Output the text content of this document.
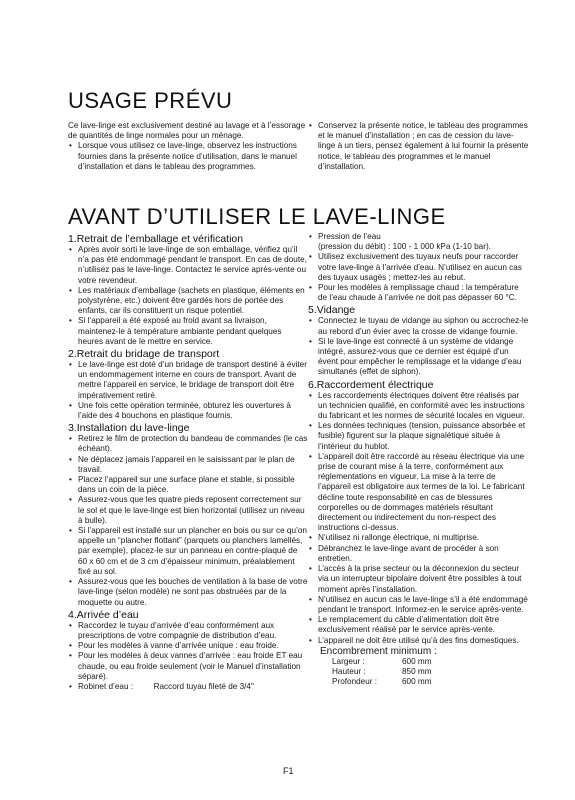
USAGE PRÉVU

Ce lave-linge est exclusivement destiné au lavage et à l’essorage de quantités de linge normales pour un ménage.

• Lorsque vous utilisez ce lave-linge, observez les instructions fournies dans la présente notice d’utilisation, dans le manuel d’installation et dans le tableau des programmes.
• Conservez la présente notice, le tableau des programmes et le manuel d’installation ; en cas de cession du lave-linge à un tiers, pensez également à lui fournir la présente notice, le tableau des programmes et le manuel d’installation.
AVANT D’UTILISER LE LAVE-LINGE
1.Retrait de l’emballage et vérification
• Après avoir sorti le lave-linge de son emballage, vérifiez qu’il n’a pas été endommagé pendant le transport. En cas de doute, n’utilisez pas le lave-linge. Contactez le service après-vente ou votre revendeur.
• Les matériaux d’emballage (sachets en plastique, éléments en polystyrène, etc.) doivent être gardés hors de portée des enfants, car ils constituent un risque potentiel.
• Si l’appareil a été exposé au froid avant sa livraison, maintenez-le à température ambiante pendant quelques heures avant de le mettre en service.
2.Retrait du bridage de transport
• Le lave-linge est doté d’un bridage de transport destiné à éviter un endommagement interne en cours de transport. Avant de mettre l’appareil en service, le bridage de transport doit être impérativement retiré.
• Une fois cette opération terminée, obturez les ouvertures à l’aide des 4 bouchons en plastique fournis.
3.Installation du lave-linge
• Retirez le film de protection du bandeau de commandes (le cas échéant).
• Ne déplacez jamais l’appareil en le saisissant par le plan de travail.
• Placez l’appareil sur une surface plane et stable, si possible dans un coin de la pièce.
• Assurez-vous que les quatre pieds reposent correctement sur le sol et que le lave-linge est bien horizontal (utilisez un niveau à bulle).
• Si l’appareil est installé sur un plancher en bois ou sur ce qu’on appelle un “plancher flottant” (parquets ou planchers lamellés, par exemple), placez-le sur un panneau en contre-plaqué de 60 x 60 cm et de 3 cm d’épaisseur minimum, préalablement fixé au sol.
• Assurez-vous que les bouches de ventilation à la base de votre lave-linge (selon modèle) ne sont pas obstruées par de la moquette ou autre.
4.Arrivée d’eau
• Raccordez le tuyau d’arrivée d’eau conformément aux prescriptions de votre compagnie de distribution d’eau.
• Pour les modèles à vanne d’arrivée unique : eau froide.
• Pour les modèles à deux vannes d’arrivée : eau froide ET eau chaude, ou eau froide seulement (voir le Manuel d’installation séparé).
• Robinet d’eau : Raccord tuyau fileté de 3/4"
• Pression de l’eau
(pression du débit) : 100 - 1 000 kPa (1-10 bar).
• Utilisez exclusivement des tuyaux neufs pour raccorder votre lave-linge à l’arrivée d’eau. N’utilisez en aucun cas des tuyaux usagés ; mettez-les au rebut.
• Pour les modèles à remplissage chaud : la température de l’eau chaude à l’arrivée ne doit pas dépasser 60 °C.
5.Vidange
• Connectez le tuyau de vidange au siphon ou accrochez-le au rebord d’un évier avec la crosse de vidange fournie.
• Si le lave-linge est connecté à un système de vidange intégré, assurez-vous que ce dernier est équipé d’un évent pour empêcher le remplissage et la vidange d’eau simultanés (effet de siphon).
6.Raccordement électrique
• Les raccordements électriques doivent être réalisés par un technicien qualifié, en conformité avec les instructions du fabricant et les normes de sécurité locales en vigueur.
• Les données techniques (tension, puissance absorbée et fusible) figurent sur la plaque signalétique située à l’intérieur du hublot.
• L’appareil doit être raccordé au réseau électrique via une prise de courant mise à la terre, conformément aux réglementations en vigueur. La mise à la terre de l’appareil est obligatoire aux termes de la loi. Le fabricant décline toute responsabilité en cas de blessures corporelles ou de dommages matériels résultant directement ou indirectement du non-respect des instructions ci-dessus.
• N’utilisez ni rallonge électrique, ni multiprise.
• Débranchez le lave-linge avant de procéder à son entretien.
• L’accès à la prise secteur ou la déconnexion du secteur via un interrupteur bipolaire doivent être possibles à tout moment après l’installation.
• N’utilisez en aucun cas le lave-linge s’il a été endommagé pendant le transport. Informez-en le service après-vente.
• Le remplacement du câble d’alimentation doit être exclusivement réalisé par le service après-vente.
• L’appareil ne doit être utilisé qu’à des fins domestiques.
Encombrement minimum :
Largeur :	600 mm
Hauteur :	850 mm
Profondeur :	600 mm
F1
